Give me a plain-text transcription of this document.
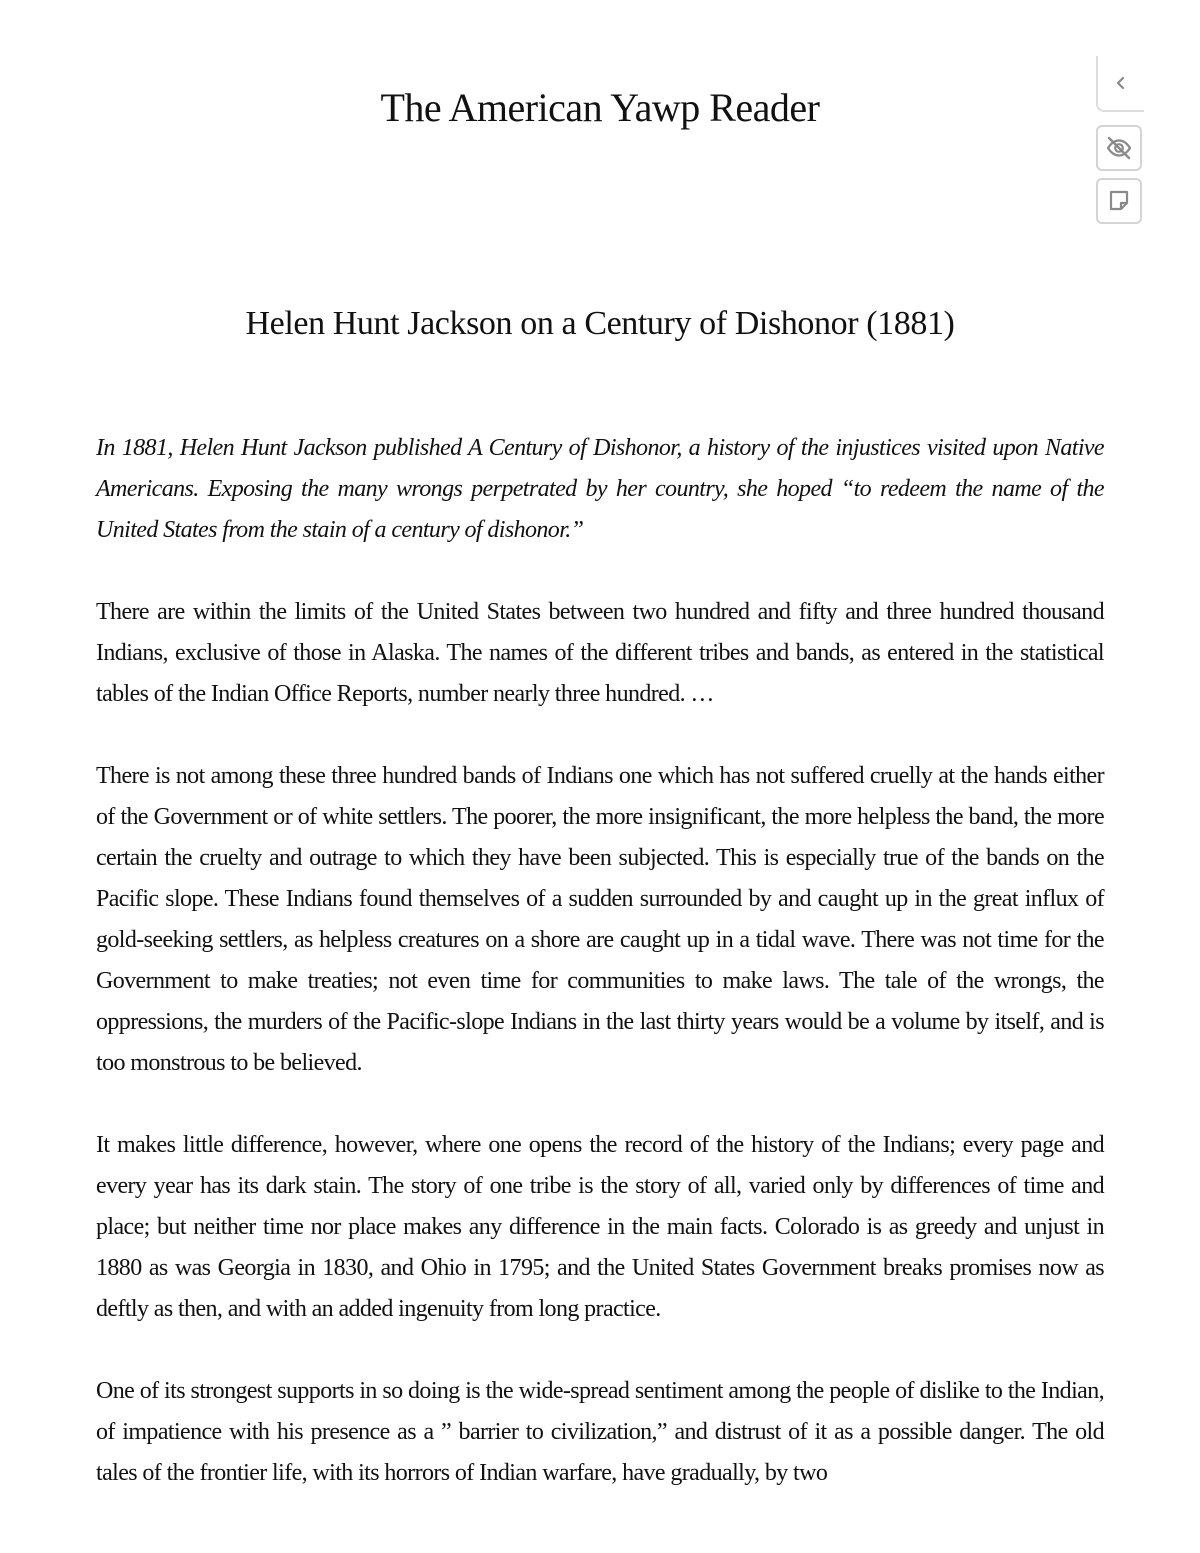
The American Yawp Reader
Helen Hunt Jackson on a Century of Dishonor (1881)

In 1881, Helen Hunt Jackson published A Century of Dishonor, a history of the injustices visited upon Native Americans. Exposing the many wrongs perpetrated by her country, she hoped “to redeem the name of the United States from the stain of a century of dishonor.”

There are within the limits of the United States between two hundred and fifty and three hundred thousand Indians, exclusive of those in Alaska. The names of the different tribes and bands, as entered in the statistical tables of the Indian Office Reports, number nearly three hundred. …

There is not among these three hundred bands of Indians one which has not suffered cruelly at the hands either of the Government or of white settlers. The poorer, the more insignificant, the more helpless the band, the more certain the cruelty and outrage to which they have been subjected. This is especially true of the bands on the Pacific slope. These Indians found themselves of a sudden surrounded by and caught up in the great influx of gold-seeking settlers, as helpless creatures on a shore are caught up in a tidal wave. There was not time for the Government to make treaties; not even time for communities to make laws. The tale of the wrongs, the oppressions, the murders of the Pacific-slope Indians in the last thirty years would be a volume by itself, and is too monstrous to be believed.

It makes little difference, however, where one opens the record of the history of the Indians; every page and every year has its dark stain. The story of one tribe is the story of all, varied only by differences of time and place; but neither time nor place makes any difference in the main facts. Colorado is as greedy and unjust in 1880 as was Georgia in 1830, and Ohio in 1795; and the United States Government breaks promises now as deftly as then, and with an added ingenuity from long practice.

One of its strongest supports in so doing is the wide-spread sentiment among the people of dislike to the Indian, of impatience with his presence as a ” barrier to civilization,” and distrust of it as a possible danger. The old tales of the frontier life, with its horrors of Indian warfare, have gradually, by two
